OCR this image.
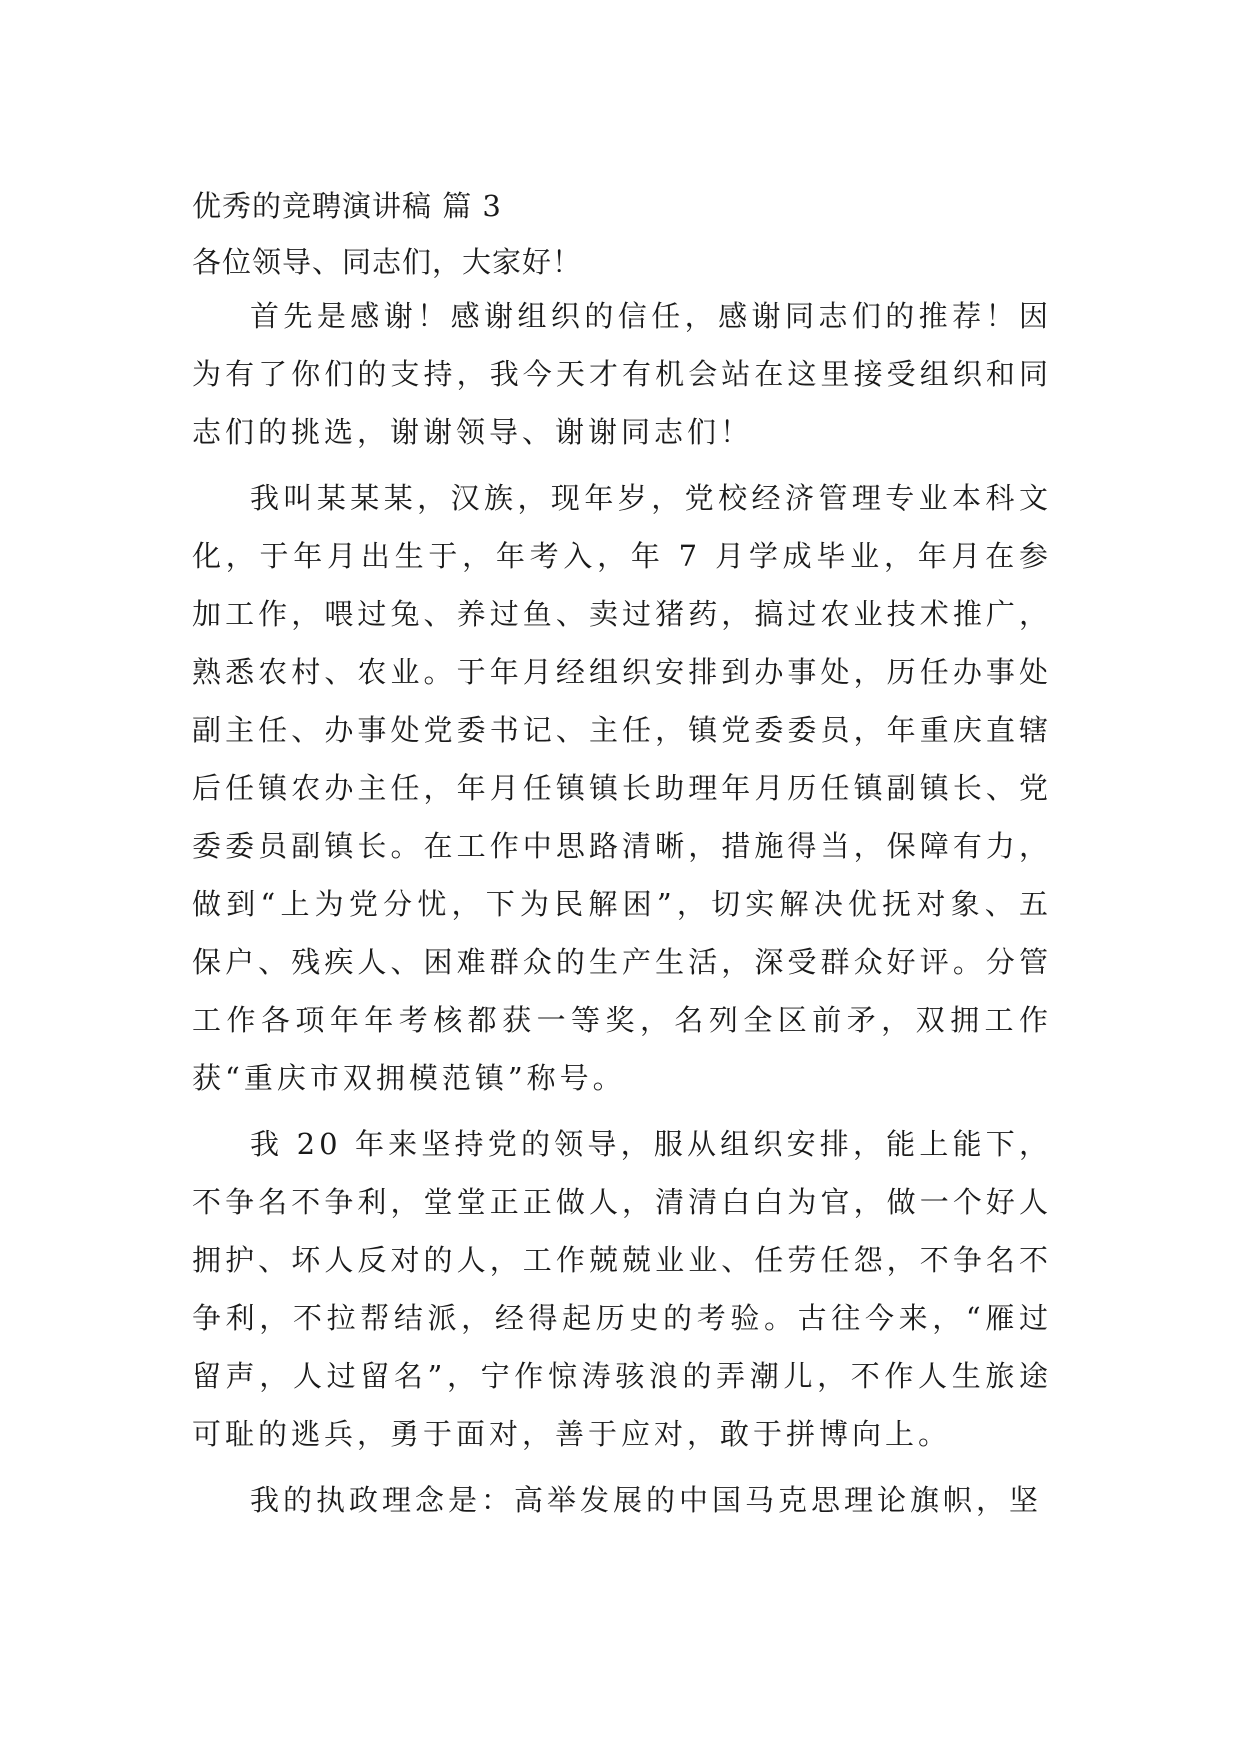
优秀的竞聘演讲稿 篇 3

各位领导、同志们，大家好！

首先是感谢！感谢组织的信任，感谢同志们的推荐！因为有了你们的支持，我今天才有机会站在这里接受组织和同志们的挑选，谢谢领导、谢谢同志们！

我叫某某某，汉族，现年岁，党校经济管理专业本科文化，于年月出生于，年考入，年 7 月学成毕业，年月在参加工作，喂过兔、养过鱼、卖过猪药，搞过农业技术推广，熟悉农村、农业。于年月经组织安排到办事处，历任办事处副主任、办事处党委书记、主任，镇党委委员，年重庆直辖后任镇农办主任，年月任镇镇长助理年月历任镇副镇长、党委委员副镇长。在工作中思路清晰，措施得当，保障有力，做到“上为党分忧，下为民解困”，切实解决优抚对象、五保户、残疾人、困难群众的生产生活，深受群众好评。分管工作各项年年考核都获一等奖，名列全区前矛，双拥工作获“重庆市双拥模范镇”称号。

我 20 年来坚持党的领导，服从组织安排，能上能下，不争名不争利，堂堂正正做人，清清白白为官，做一个好人拥护、坏人反对的人，工作兢兢业业、任劳任怨，不争名不争利，不拉帮结派，经得起历史的考验。古往今来，“雁过留声，人过留名”，宁作惊涛骇浪的弄潮儿，不作人生旅途可耻的逃兵，勇于面对，善于应对，敢于拼博向上。

我的执政理念是：高举发展的中国马克思理论旗帜，坚
